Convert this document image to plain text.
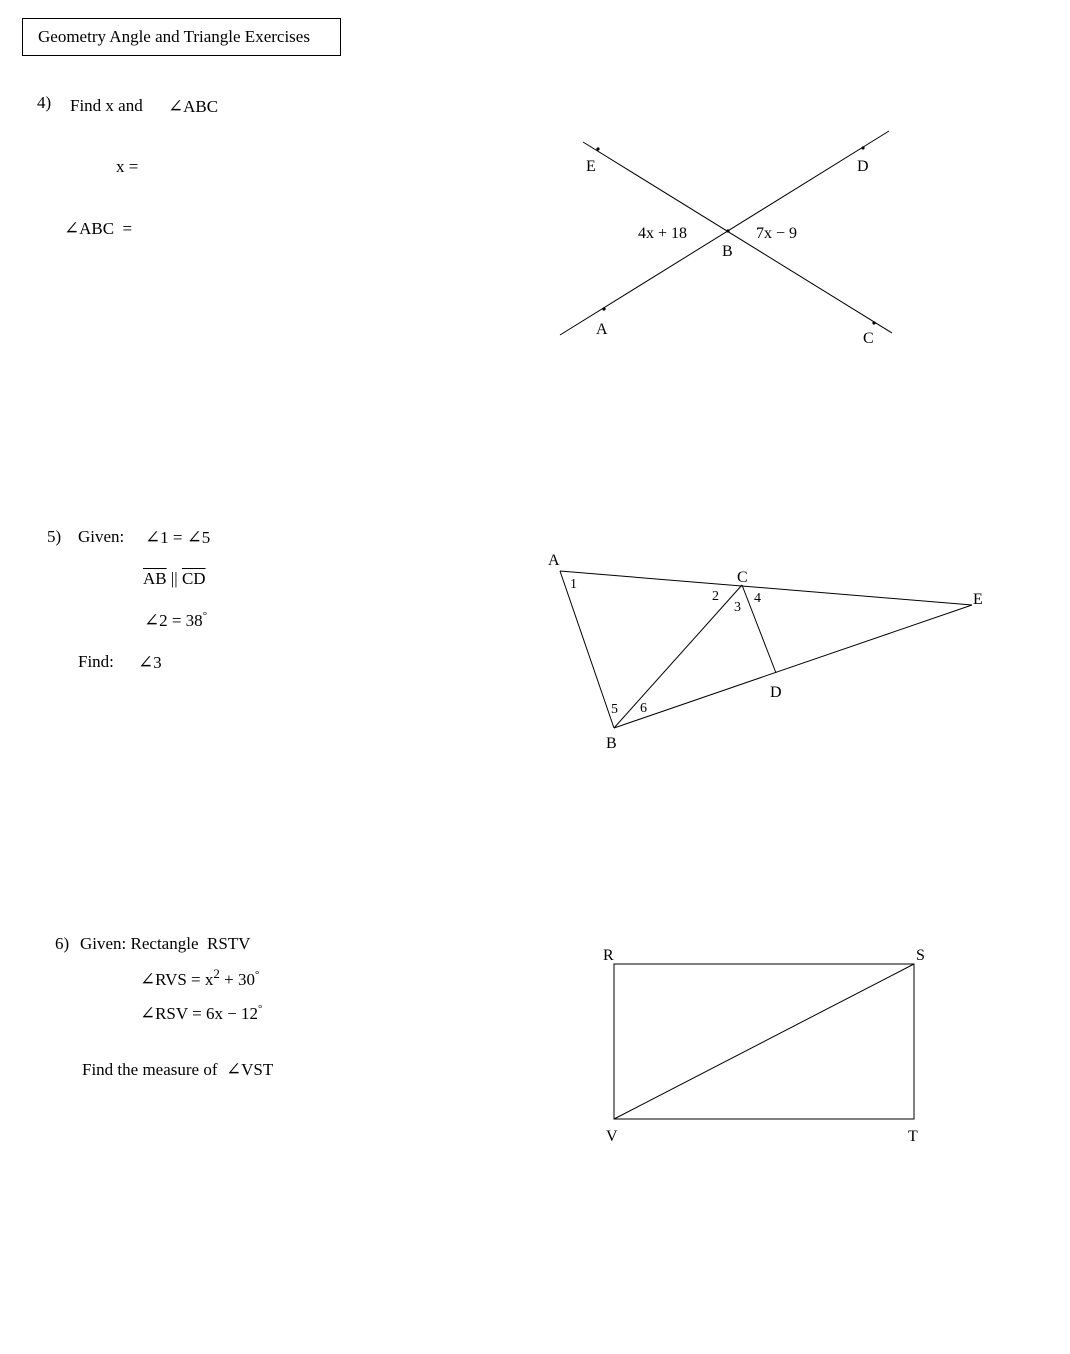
Geometry Angle and Triangle Exercises
4) Find x and ∠ABC
x =
∠ABC  =
5) Given: ∠1 = ∠5
$\overline{AB}$ || $\overline{CD}$
∠2 = 38°
Find: ∠3
6) Given: Rectangle  RSTV
∠RVS = $x^2 + 30^\circ$
∠RSV = 6x − 12°
Find the measure of ∠VST
E	D
B
A
C
4x + 18	7x − 9
A
B
C
D
E
1
2
3
4
5 6
R	S
V	T
